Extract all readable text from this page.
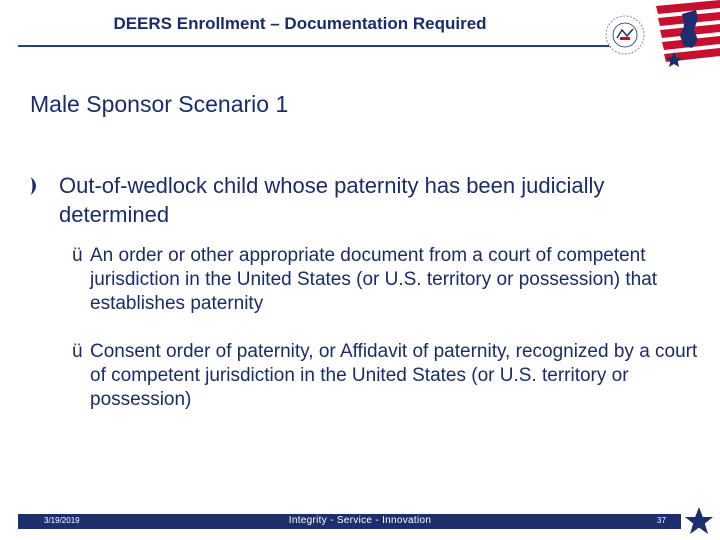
DEERS Enrollment – Documentation Required
Male Sponsor Scenario 1
Out-of-wedlock child whose paternity has been judicially determined
ü An order or other appropriate document from a court of competent jurisdiction in the United States (or U.S. territory or possession) that establishes paternity
ü Consent order of paternity, or Affidavit of paternity, recognized by a court of competent jurisdiction in the United States (or U.S. territory or possession)
3/19/2019	Integrity - Service - Innovation	37
